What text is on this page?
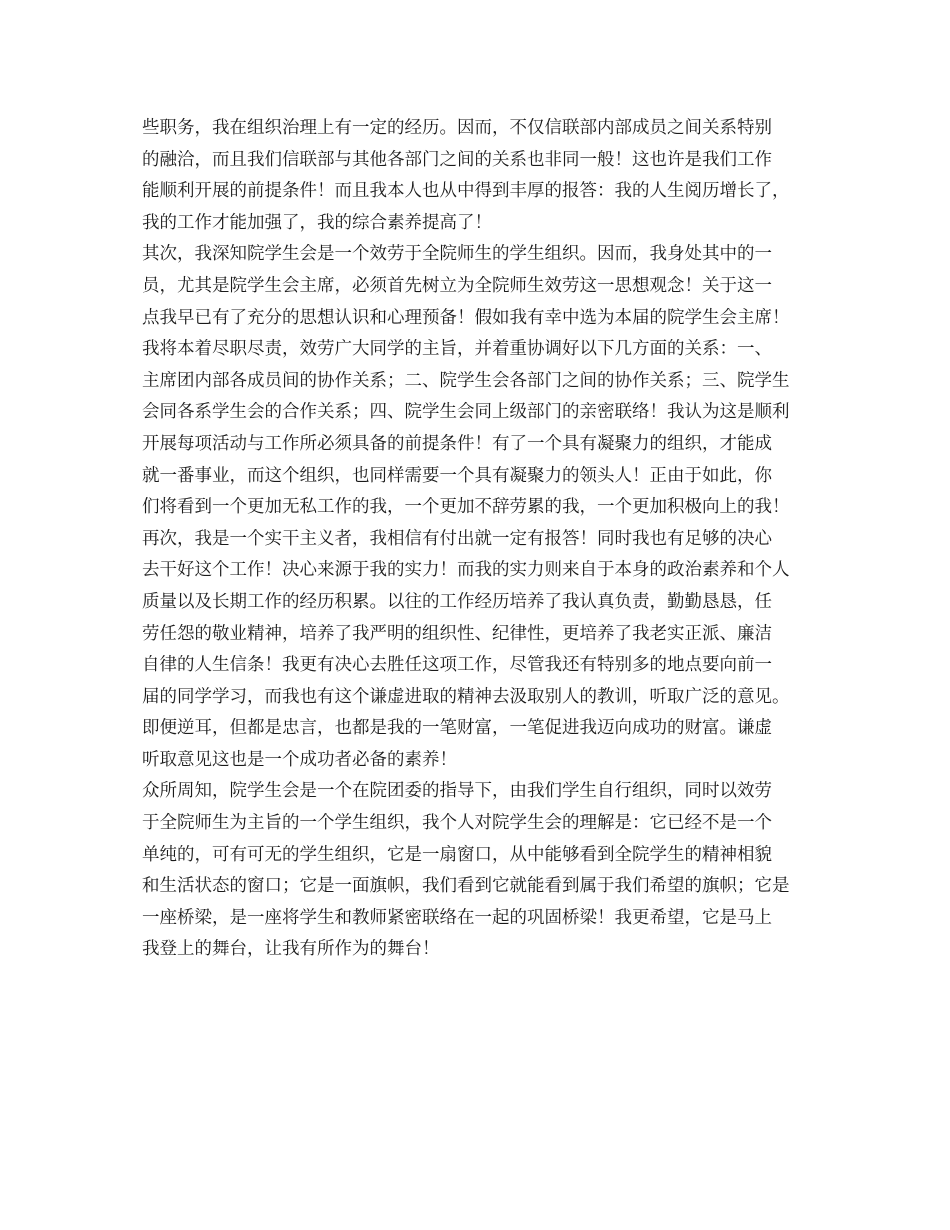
些职务，我在组织治理上有一定的经历。因而，不仅信联部内部成员之间关系特别
的融洽，而且我们信联部与其他各部门之间的关系也非同一般！这也许是我们工作
能顺利开展的前提条件！而且我本人也从中得到丰厚的报答：我的人生阅历增长了，
我的工作才能加强了，我的综合素养提高了！
其次，我深知院学生会是一个效劳于全院师生的学生组织。因而，我身处其中的一
员，尤其是院学生会主席，必须首先树立为全院师生效劳这一思想观念！关于这一
点我早已有了充分的思想认识和心理预备！假如我有幸中选为本届的院学生会主席！
我将本着尽职尽责，效劳广大同学的主旨，并着重协调好以下几方面的关系：一、
主席团内部各成员间的协作关系；二、院学生会各部门之间的协作关系；三、院学生
会同各系学生会的合作关系；四、院学生会同上级部门的亲密联络！我认为这是顺利
开展每项活动与工作所必须具备的前提条件！有了一个具有凝聚力的组织，才能成
就一番事业，而这个组织，也同样需要一个具有凝聚力的领头人！正由于如此，你
们将看到一个更加无私工作的我，一个更加不辞劳累的我，一个更加积极向上的我！
再次，我是一个实干主义者，我相信有付出就一定有报答！同时我也有足够的决心
去干好这个工作！决心来源于我的实力！而我的实力则来自于本身的政治素养和个人
质量以及长期工作的经历积累。以往的工作经历培养了我认真负责，勤勤恳恳，任
劳任怨的敬业精神，培养了我严明的组织性、纪律性，更培养了我老实正派、廉洁
自律的人生信条！我更有决心去胜任这项工作，尽管我还有特别多的地点要向前一
届的同学学习，而我也有这个谦虚进取的精神去汲取别人的教训，听取广泛的意见。
即便逆耳，但都是忠言，也都是我的一笔财富，一笔促进我迈向成功的财富。谦虚
听取意见这也是一个成功者必备的素养！
众所周知，院学生会是一个在院团委的指导下，由我们学生自行组织，同时以效劳
于全院师生为主旨的一个学生组织，我个人对院学生会的理解是：它已经不是一个
单纯的，可有可无的学生组织，它是一扇窗口，从中能够看到全院学生的精神相貌
和生活状态的窗口；它是一面旗帜，我们看到它就能看到属于我们希望的旗帜；它是
一座桥梁，是一座将学生和教师紧密联络在一起的巩固桥梁！我更希望，它是马上
我登上的舞台，让我有所作为的舞台！
